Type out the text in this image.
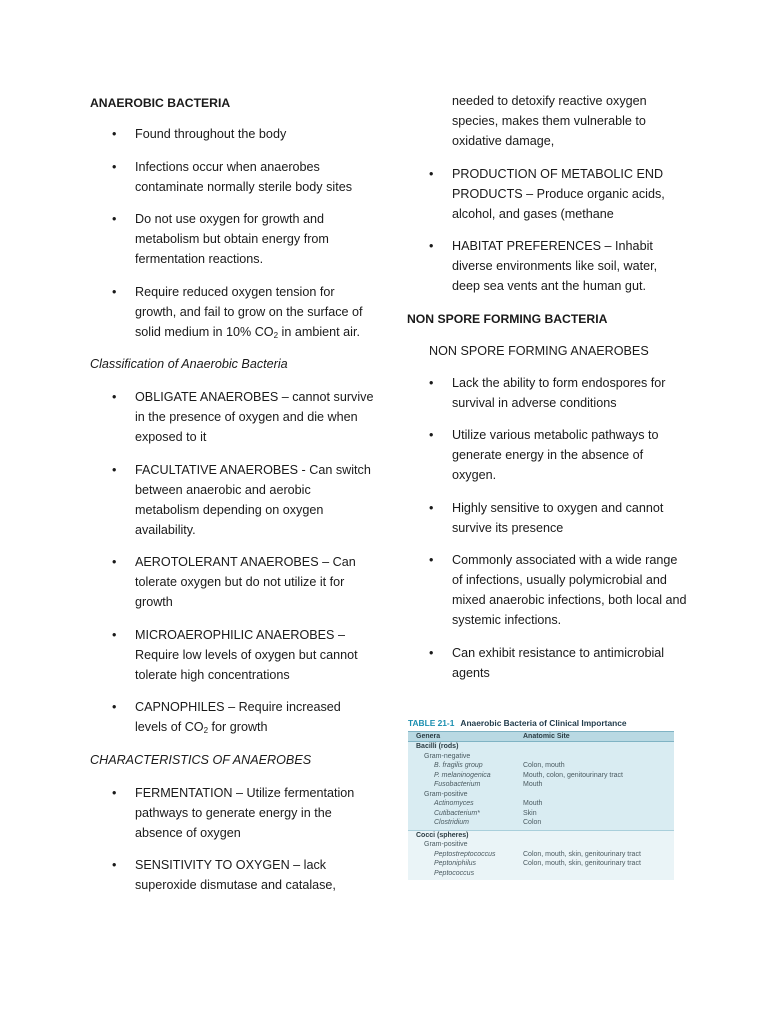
ANAEROBIC BACTERIA

• Found throughout the body
• Infections occur when anaerobes contaminate normally sterile body sites
• Do not use oxygen for growth and metabolism but obtain energy from fermentation reactions.
• Require reduced oxygen tension for growth, and fail to grow on the surface of solid medium in 10% $CO_2$ in ambient air.

Classification of Anaerobic Bacteria

• OBLIGATE ANAEROBES – cannot survive in the presence of oxygen and die when exposed to it
• FACULTATIVE ANAEROBES - Can switch between anaerobic and aerobic metabolism depending on oxygen availability.
• AEROTOLERANT ANAEROBES – Can tolerate oxygen but do not utilize it for growth
• MICROAEROPHILIC ANAEROBES – Require low levels of oxygen but cannot tolerate high concentrations
• CAPNOPHILES – Require increased levels of $CO_2$ for growth

CHARACTERISTICS OF ANAEROBES

• FERMENTATION – Utilize fermentation pathways to generate energy in the absence of oxygen
• SENSITIVITY TO OXYGEN – lack superoxide dismutase and catalase,
needed to detoxify reactive oxygen species, makes them vulnerable to oxidative damage,
• PRODUCTION OF METABOLIC END PRODUCTS – Produce organic acids, alcohol, and gases (methane
• HABITAT PREFERENCES – Inhabit diverse environments like soil, water, deep sea vents ant the human gut.

NON SPORE FORMING BACTERIA

NON SPORE FORMING ANAEROBES

• Lack the ability to form endospores for survival in adverse conditions
• Utilize various metabolic pathways to generate energy in the absence of oxygen.
• Highly sensitive to oxygen and cannot survive its presence
• Commonly associated with a wide range of infections, usually polymicrobial and mixed anaerobic infections, both local and systemic infections.
• Can exhibit resistance to antimicrobial agents
TABLE 21-1 Anaerobic Bacteria of Clinical Importance
Genera	Anatomic Site
Bacilli (rods)
Gram-negative
B. fragilis group	Colon, mouth
P. melaninogenica	Mouth, colon, genitourinary tract
Fusobacterium	Mouth
Gram-positive
Actinomyces	Mouth
Cutibacterium*	Skin
Clostridium	Colon
Cocci (spheres)
Gram-positive
Peptostreptococcus	Colon, mouth, skin, genitourinary tract
Peptoniphilus	Colon, mouth, skin, genitourinary tract
Peptococcus
